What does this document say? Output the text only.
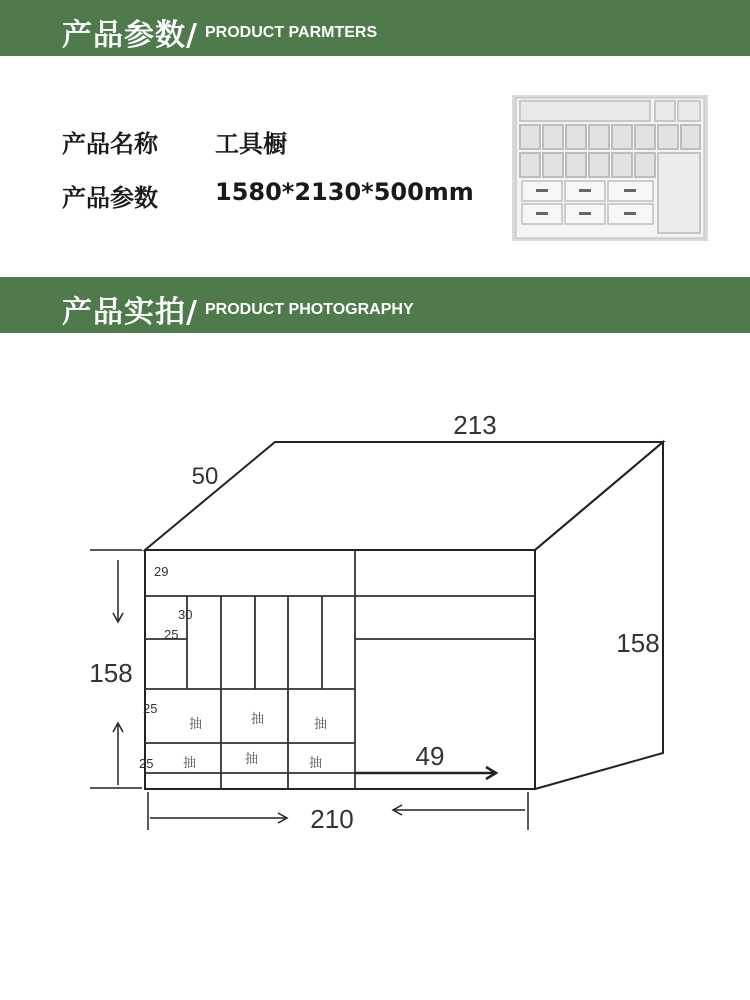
产品参数/ PRODUCT PARMTERS
产品名称 工具橱
产品参数 1580*2130*500mm
产品实拍/ PRODUCT PHOTOGRAPHY
213
50
158
158
210
49
29
30
25
25
25
抽	抽	抽
抽	抽	抽
